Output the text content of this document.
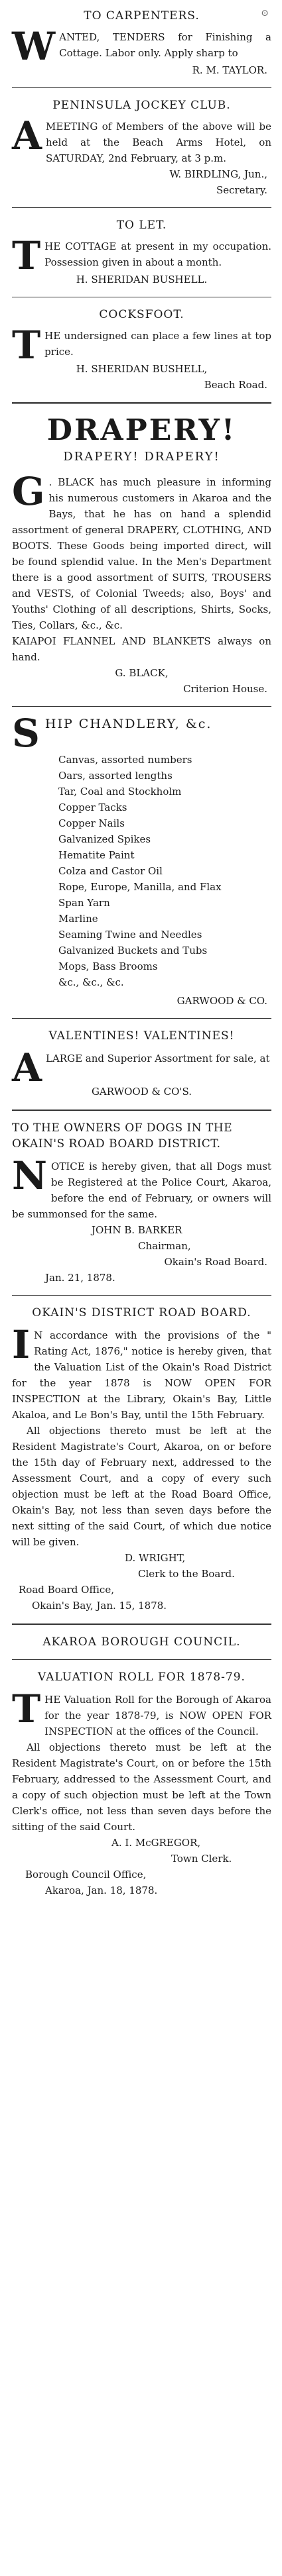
TO CARPENTERS.	⊙

WANTED, TENDERS for Finishing a Cottage. Labor only. Apply sharp to

R. M. TAYLOR.
PENINSULA JOCKEY CLUB.

AMEETING of Members of the above will be held at the Beach Arms Hotel, on SATURDAY, 2nd February, at 3 p.m.

W. BIRDLING, Jun.,
Secretary.
TO LET.

THE COTTAGE at present in my occupation. Possession given in about a month.

H. SHERIDAN BUSHELL.
COCKSFOOT.

THE undersigned can place a few lines at top price.

H. SHERIDAN BUSHELL,
Beach Road.
DRAPERY!
DRAPERY! DRAPERY!

G . BLACK has much pleasure in informing his numerous customers in Akaroa and the Bays, that he has on hand a splendid assortment of general DRAPERY, CLOTHING, AND BOOTS. These Goods being imported direct, will be found splendid value. In the Men's Department there is a good assortment of SUITS, TROUSERS and VESTS, of Colonial Tweeds; also, Boys' and Youths' Clothing of all descriptions, Shirts, Socks, Ties, Collars, &c., &c.

KAIAPOI FLANNEL AND BLANKETS always on hand.

G. BLACK,
Criterion House.
SHIP CHANDLERY, &c.
Canvas, assorted numbers
Oars, assorted lengths
Tar, Coal and Stockholm
Copper Tacks
Copper Nails
Galvanized Spikes
Hematite Paint
Colza and Castor Oil
Rope, Europe, Manilla, and Flax
Span Yarn
Marline
Seaming Twine and Needles
Galvanized Buckets and Tubs
Mops, Bass Brooms
&c., &c., &c.
GARWOOD & CO.
VALENTINES! VALENTINES!

ALARGE and Superior Assortment for sale, at

GARWOOD & CO'S.
TO THE OWNERS OF DOGS IN THE OKAIN'S ROAD BOARD DISTRICT.

NOTICE is hereby given, that all Dogs must be Registered at the Police Court, Akaroa, before the end of February, or owners will be summonsed for the same.

JOHN B. BARKER
Chairman,
Okain's Road Board.
Jan. 21, 1878.
OKAIN'S DISTRICT ROAD BOARD.

I N accordance with the provisions of the " Rating Act, 1876," notice is hereby given, that the Valuation List of the Okain's Road District for the year 1878 is NOW OPEN FOR INSPECTION at the Library, Okain's Bay, Little Akaloa, and Le Bon's Bay, until the 15th February.

All objections thereto must be left at the Resident Magistrate's Court, Akaroa, on or before the 15th day of February next, addressed to the Assessment Court, and a copy of every such objection must be left at the Road Board Office, Okain's Bay, not less than seven days before the next sitting of the said Court, of which due notice will be given.

D. WRIGHT,
Clerk to the Board.
Road Board Office,
Okain's Bay, Jan. 15, 1878.
AKAROA BOROUGH COUNCIL.
VALUATION ROLL FOR 1878-79.

THE Valuation Roll for the Borough of Akaroa for the year 1878-79, is NOW OPEN FOR INSPECTION at the offices of the Council.

All objections thereto must be left at the Resident Magistrate's Court, on or before the 15th February, addressed to the Assessment Court, and a copy of such objection must be left at the Town Clerk's office, not less than seven days before the sitting of the said Court.

A. I. McGREGOR,
Town Clerk.
Borough Council Office,
Akaroa, Jan. 18, 1878.
